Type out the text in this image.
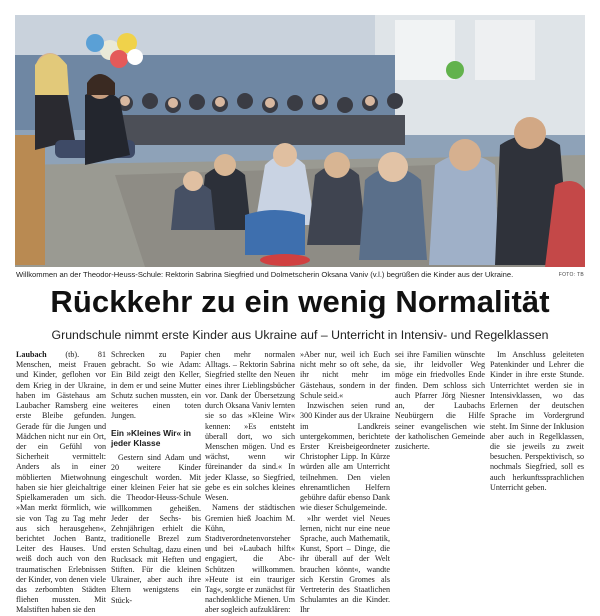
Willkommen an der Theodor-Heuss-Schule: Rektorin Sabrina Siegfried und Dolmetscherin Oksana Vaniv (v.l.) begrüßen die Kinder aus der Ukraine.	FOTO: TB
Rückkehr zu ein wenig Normalität
Grundschule nimmt erste Kinder aus Ukraine auf – Unterricht in Intensiv- und Regelklassen

Laubach (tb). 81 Menschen, meist Frauen und Kinder, geflohen vor dem Krieg in der Ukraine, haben im Gästehaus am Laubacher Ramsberg eine erste Bleibe gefunden. Gerade für die Jungen und Mädchen nicht nur ein Ort, der ein Gefühl von Sicherheit vermittelt: Anders als in einer möblierten Mietwohnung haben sie hier gleichaltrige Spielkameraden um sich. »Man merkt förmlich, wie sie von Tag zu Tag mehr aus sich herausgehen«, berichtet Jochen Bantz, Leiter des Hauses. Und weiß doch auch von den traumatischen Erlebnissen der Kinder, von denen viele das zerbombten Städten fliehen mussten. Mit Malstiften haben sie den

Schrecken zu Papier gebracht. So wie Adam: Ein Bild zeigt den Keller, in dem er und seine Mutter Schutz suchen mussten, ein weiteres einen toten Jungen.

Ein »Kleines Wir« in jeder Klasse

Gestern sind Adam und 20 weitere Kinder eingeschult worden. Mit einer kleinen Feier hat sie die Theodor-Heuss-Schule willkommen geheißen. Jeder der Sechs- bis Zehnjährigen erhielt die traditionelle Brezel zum ersten Schultag, dazu einen Rucksack mit Heften und Stiften. Für die kleinen Ukrainer, aber auch ihre Eltern wenigstens ein Stück-

chen mehr normalen Alltags. – Rektorin Sabrina Siegfried stellte den Neuen eines ihrer Lieblingsbücher vor. Dank der Übersetzung durch Oksana Vaniv lernten sie so das »Kleine Wir« kennen: »Es entsteht überall dort, wo sich Menschen mögen. Und es wächst, wenn wir füreinander da sind.« In jeder Klasse, so Siegfried, gebe es ein solches kleines Wesen.

Namens der städtischen Gremien hieß Joachim M. Kühn, Stadtverordnetenvorsteher und bei »Laubach hilft« engagiert, die Abc-Schützen willkommen. »Heute ist ein trauriger Tag«, sorgte er zunächst für nachdenkliche Mienen. Um aber sogleich aufzuklären:

»Aber nur, weil ich Euch nicht mehr so oft sehe, da ihr nicht mehr im Gästehaus, sondern in der Schule seid.«

Inzwischen seien rund 300 Kinder aus der Ukraine im Landkreis untergekommen, berichtete Erster Kreisbeigeordneter Christopher Lipp. In Kürze würden alle am Unterricht teilnehmen. Den vielen ehrenamtlichen Helfern gebühre dafür ebenso Dank wie dieser Schulgemeinde.

»Ihr werdet viel Neues lernen, nicht nur eine neue Sprache, auch Mathematik, Kunst, Sport – Dinge, die ihr überall auf der Welt brauchen könnt«, wandte sich Kerstin Gromes als Vertreterin des Staatlichen Schulamtes an die Kinder. Ihr

sei ihre Familien wünschte sie, ihr leidvoller Weg möge ein friedvolles Ende finden. Dem schloss sich auch Pfarrer Jörg Niesner an, der Laubachs Neubürgern die Hilfe seiner evangelischen wie der katholischen Gemeinde zusicherte.

Im Anschluss geleiteten Patenkinder und Lehrer die Kinder in ihre erste Stunde. Unterrichtet werden sie in Intensivklassen, wo das Erlernen der deutschen Sprache im Vordergrund steht. Im Sinne der Inklusion aber auch in Regelklassen, die sie jeweils zu zweit besuchen. Perspektivisch, so nochmals Siegfried, soll es auch herkunftssprachlichen Unterricht geben.
